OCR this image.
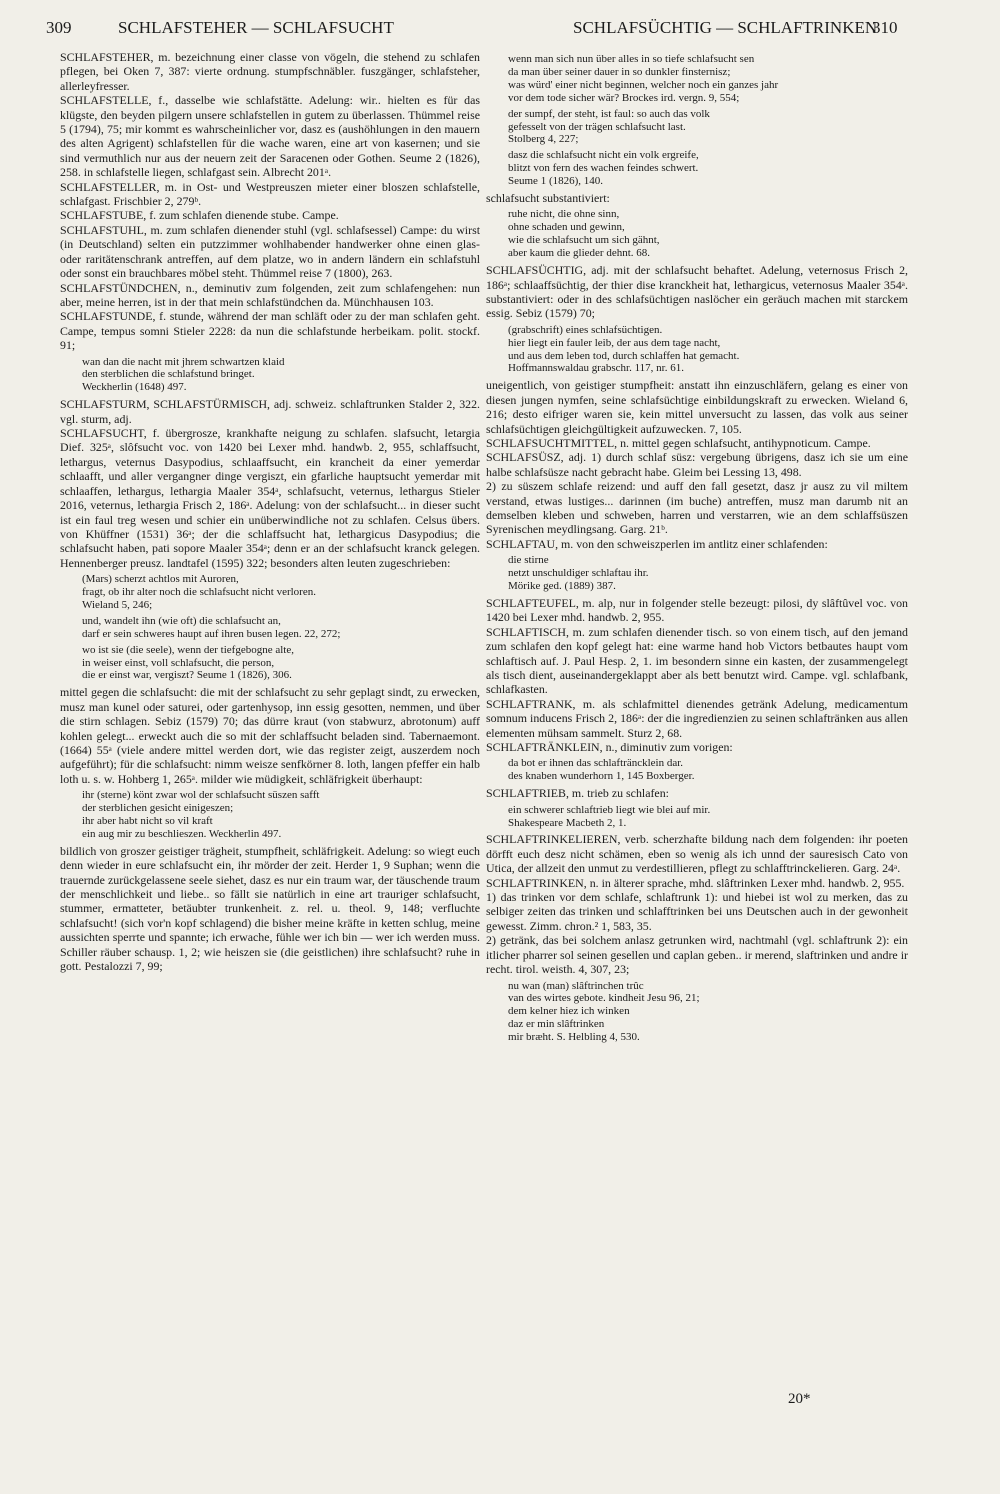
309	SCHLAFSTEHER — SCHLAFSUCHT	SCHLAFSÜCHTIG — SCHLAFTRINKEN
310

SCHLAFSTEHER, m. bezeichnung einer classe von vögeln, die stehend zu schlafen pflegen, bei Oken 7, 387: vierte ordnung. stumpfschnäbler. fuszgänger, schlafsteher, allerleyfresser.

SCHLAFSTELLE, f., dasselbe wie schlafstätte. Adelung: wir.. hielten es für das klügste, den beyden pilgern unsere schlafstellen in gutem zu überlassen. Thümmel reise 5 (1794), 75; mir kommt es wahrscheinlicher vor, dasz es (aushöhlungen in den mauern des alten Agrigent) schlafstellen für die wache waren, eine art von kasernen; und sie sind vermuthlich nur aus der neuern zeit der Saracenen oder Gothen. Seume 2 (1826), 258. in schlafstelle liegen, schlafgast sein. Albrecht 201ᵃ.

SCHLAFSTELLER, m. in Ost- und Westpreuszen mieter einer bloszen schlafstelle, schlafgast. Frischbier 2, 279ᵇ.

SCHLAFSTUBE, f. zum schlafen dienende stube. Campe.

SCHLAFSTUHL, m. zum schlafen dienender stuhl (vgl. schlafsessel) Campe: du wirst (in Deutschland) selten ein putzzimmer wohlhabender handwerker ohne einen glas- oder raritätenschrank antreffen, auf dem platze, wo in andern ländern ein schlafstuhl oder sonst ein brauchbares möbel steht. Thümmel reise 7 (1800), 263.

SCHLAFSTÜNDCHEN, n., deminutiv zum folgenden, zeit zum schlafengehen: nun aber, meine herren, ist in der that mein schlafstündchen da. Münchhausen 103.

SCHLAFSTUNDE, f. stunde, während der man schläft oder zu der man schlafen geht. Campe, tempus somni Stieler 2228: da nun die schlafstunde herbeikam. polit. stockf. 91;

wan dan die nacht mit jhrem schwartzen klaid
den sterblichen die schlafstund bringet.
Weckherlin (1648) 497.

SCHLAFSTURM, SCHLAFSTÜRMISCH, adj. schweiz. schlaftrunken Stalder 2, 322. vgl. sturm, adj.

SCHLAFSUCHT, f. übergrosze, krankhafte neigung zu schlafen. slafsucht, letargia Dief. 325ᵃ, slôfsucht voc. von 1420 bei Lexer mhd. handwb. 2, 955, schlaffsucht, lethargus, veternus Dasypodius, schlaaffsucht, ein krancheit da einer yemerdar schlaafft, und aller vergangner dinge vergiszt, ein gfarliche hauptsucht yemerdar mit schlaaffen, lethargus, lethargia Maaler 354ᵃ, schlafsucht, veternus, lethargus Stieler 2016, veternus, lethargia Frisch 2, 186ᵃ. Adelung: von der schlafsucht... in dieser sucht ist ein faul treg wesen und schier ein unüberwindliche not zu schlafen. Celsus übers. von Khüffner (1531) 36ᵃ; der die schlaffsucht hat, lethargicus Dasypodius; die schlafsucht haben, pati sopore Maaler 354ᵃ; denn er an der schlafsucht kranck gelegen. Hennenberger preusz. landtafel (1595) 322; besonders alten leuten zugeschrieben:

(Mars) scherzt achtlos mit Auroren,
fragt, ob ihr alter noch die schlafsucht nicht verloren.
Wieland 5, 246;
und, wandelt ihn (wie oft) die schlafsucht an,
darf er sein schweres haupt auf ihren busen legen. 22, 272;
wo ist sie (die seele), wenn der tiefgebogne alte,
in weiser einst, voll schlafsucht, die person,
die er einst war, vergiszt? Seume 1 (1826), 306.

mittel gegen die schlafsucht: die mit der schlafsucht zu sehr geplagt sindt, zu erwecken, musz man kunel oder saturei, oder gartenhysop, inn essig gesotten, nemmen, und über die stirn schlagen. Sebiz (1579) 70; das dürre kraut (von stabwurz, abrotonum) auff kohlen gelegt... erweckt auch die so mit der schlaffsucht beladen sind. Tabernaemont. (1664) 55ᵃ (viele andere mittel werden dort, wie das register zeigt, auszerdem noch aufgeführt); für die schlafsucht: nimm weisze senfkörner 8. loth, langen pfeffer ein halb loth u. s. w. Hohberg 1, 265ᵃ. milder wie müdigkeit, schläfrigkeit überhaupt:

ihr (sterne) könt zwar wol der schlafsucht süszen safft
der sterblichen gesicht einigeszen;
ihr aber habt nicht so vil kraft
ein aug mir zu beschlieszen. Weckherlin 497.

bildlich von groszer geistiger trägheit, stumpfheit, schläfrigkeit. Adelung: so wiegt euch denn wieder in eure schlafsucht ein, ihr mörder der zeit. Herder 1, 9 Suphan; wenn die trauernde zurückgelassene seele siehet, dasz es nur ein traum war, der täuschende traum der menschlichkeit und liebe.. so fällt sie natürlich in eine art trauriger schlafsucht, stummer, ermatteter, betäubter trunkenheit. z. rel. u. theol. 9, 148; verfluchte schlafsucht! (sich vor'n kopf schlagend) die bisher meine kräfte in ketten schlug, meine aussichten sperrte und spannte; ich erwache, fühle wer ich bin — wer ich werden muss. Schiller räuber schausp. 1, 2; wie heiszen sie (die geistlichen) ihre schlafsucht? ruhe in gott. Pestalozzi 7, 99;

wenn man sich nun über alles in so tiefe schlafsucht sen
da man über seiner dauer in so dunkler finsternisz;
was würd' einer nicht beginnen, welcher noch ein ganzes jahr
vor dem tode sicher wär? Brockes ird. vergn. 9, 554;
der sumpf, der steht, ist faul: so auch das volk
gefesselt von der trägen schlafsucht last.
Stolberg 4, 227;
dasz die schlafsucht nicht ein volk ergreife,
blitzt von fern des wachen feindes schwert.
Seume 1 (1826), 140.

schlafsucht substantiviert:

ruhe nicht, die ohne sinn,
ohne schaden und gewinn,
wie die schlafsucht um sich gähnt,
aber kaum die glieder dehnt. 68.

SCHLAFSÜCHTIG, adj. mit der schlafsucht behaftet. Adelung, veternosus Frisch 2, 186ᵃ; schlaaffsüchtig, der thier dise kranckheit hat, lethargicus, veternosus Maaler 354ᵃ. substantiviert: oder in des schlafsüchtigen naslöcher ein geräuch machen mit starckem essig. Sebiz (1579) 70;

(grabschrift) eines schlafsüchtigen.
hier liegt ein fauler leib, der aus dem tage nacht,
und aus dem leben tod, durch schlaffen hat gemacht.
Hoffmannswaldau grabschr. 117, nr. 61.

uneigentlich, von geistiger stumpfheit: anstatt ihn einzuschläfern, gelang es einer von diesen jungen nymfen, seine schlafsüchtige einbildungskraft zu erwecken. Wieland 6, 216; desto eifriger waren sie, kein mittel unversucht zu lassen, das volk aus seiner schlafsüchtigen gleichgültigkeit aufzuwecken. 7, 105.

SCHLAFSUCHTMITTEL, n. mittel gegen schlafsucht, antihypnoticum. Campe.

SCHLAFSÜSZ, adj. 1) durch schlaf süsz: vergebung übrigens, dasz ich sie um eine halbe schlafsüsze nacht gebracht habe. Gleim bei Lessing 13, 498.

2) zu süszem schlafe reizend: und auff den fall gesetzt, dasz jr ausz zu vil miltem verstand, etwas lustiges... darinnen (im buche) antreffen, musz man darumb nit an demselben kleben und schweben, harren und verstarren, wie an dem schlaffsüszen Syrenischen meydlingsang. Garg. 21ᵇ.

SCHLAFTAU, m. von den schweiszperlen im antlitz einer schlafenden:

die stirne
netzt unschuldiger schlaftau ihr.
Mörike ged. (1889) 387.

SCHLAFTEUFEL, m. alp, nur in folgender stelle bezeugt: pilosi, dy slâftûvel voc. von 1420 bei Lexer mhd. handwb. 2, 955.

SCHLAFTISCH, m. zum schlafen dienender tisch. so von einem tisch, auf den jemand zum schlafen den kopf gelegt hat: eine warme hand hob Victors betbautes haupt vom schlaftisch auf. J. Paul Hesp. 2, 1. im besondern sinne ein kasten, der zusammengelegt als tisch dient, auseinandergeklappt aber als bett benutzt wird. Campe. vgl. schlafbank, schlafkasten.

SCHLAFTRANK, m. als schlafmittel dienendes getränk Adelung, medicamentum somnum inducens Frisch 2, 186ᵃ: der die ingredienzien zu seinen schlaftränken aus allen elementen mühsam sammelt. Sturz 2, 68.

SCHLAFTRÄNKLEIN, n., diminutiv zum vorigen:

da bot er ihnen das schlafträncklein dar.
des knaben wunderhorn 1, 145 Boxberger.

SCHLAFTRIEB, m. trieb zu schlafen:

ein schwerer schlaftrieb liegt wie blei auf mir.
Shakespeare Macbeth 2, 1.

SCHLAFTRINKELIEREN, verb. scherzhafte bildung nach dem folgenden: ihr poeten dörfft euch desz nicht schämen, eben so wenig als ich unnd der sauresisch Cato von Utica, der allzeit den unmut zu verdestillieren, pflegt zu schlafftrinckelieren. Garg. 24ᵃ.

SCHLAFTRINKEN, n. in älterer sprache, mhd. slâftrinken Lexer mhd. handwb. 2, 955.

1) das trinken vor dem schlafe, schlaftrunk 1): und hiebei ist wol zu merken, das zu selbiger zeiten das trinken und schlafftrinken bei uns Deutschen auch in der gewonheit gewesst. Zimm. chron.² 1, 583, 35.

2) getränk, das bei solchem anlasz getrunken wird, nachtmahl (vgl. schlaftrunk 2): ein itlicher pharrer sol seinen gesellen und caplan geben.. ir merend, slaftrinken und andre ir recht. tirol. weisth. 4, 307, 23;

nu wan (man) slâftrinchen trûc
van des wirtes gebote. kindheit Jesu 96, 21;
dem kelner hiez ich winken
daz er min slâftrinken
mir bræht. S. Helbling 4, 530.
20*
